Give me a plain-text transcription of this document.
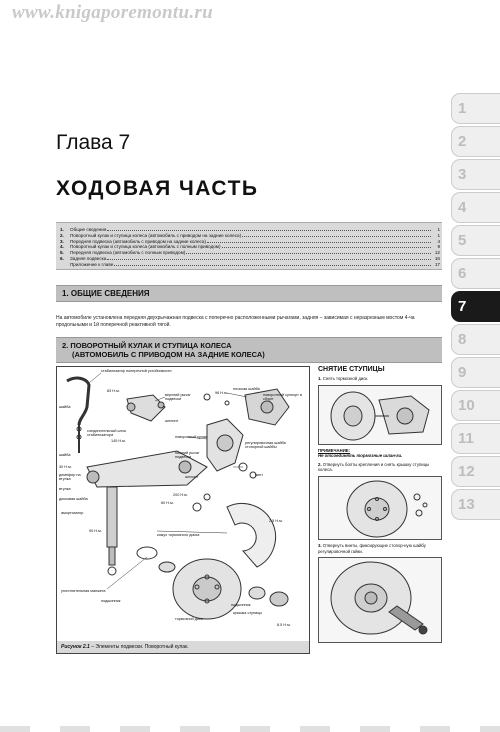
www.knigaporemontu.ru
Глава 7
ХОДОВАЯ ЧАСТЬ
1.	Общие сведения	1
2.	Поворотный кулак и ступица колеса (автомобиль с приводом на задние колеса)	1
3.	Передняя подвеска (автомобиль с приводом на задние колеса)	4
4.	Поворотный кулак и ступица колеса (автомобиль с полным приводом)	9
5.	Передняя подвеска (автомобиль с полным приводом)	12
6.	Задняя подвеска	16
Приложение к главе	17
1. ОБЩИЕ СВЕДЕНИЯ
На автомобиле установлена передняя двухрычажная подвеска с поперечно расположенными рычагами, задняя – зависимая с неразрезным мостом 4-ча продольными и 1й поперечной реактивной тягой.
2. ПОВОРОТНЫЙ КУЛАК И СТУПИЦА КОЛЕСА
(АВТОМОБИЛЬ С ПРИВОДОМ НА ЗАДНИЕ КОЛЕСА)
стабилизатор поперечной устойчивости
83 Н.м.
верхний рычаг подвески
плоская шайба
поворотный суппорт в сборе
96 Н.м.
шплинт
шайба
соединительный шток стабилизатора
145 Н.м.
поворотный кулак
регулировочная шайба стопорной шайбы
нижний рычаг подвески
шайба
30 Н.м.
демпфер на втулка
втулка
дисковая шайба
шплинт	винт
200 Н.м.
60 Н.м.
амортизатор
2.5 Н.м.
90 Н.м.
кожух тормозного диска
уплотнительная манжета
подшипник
тормозной диск
подшипник
крышка ступицы
8.5 Н.м.
Рисунок 2.1 – Элементы подвески. Поворотный кулак.
СНЯТИЕ СТУПИЦЫ
1. Снять тормозной диск.
ПРИМЕЧАНИЕ:
Не отсоединять тормозные шлан-ги.
2. Отвернуть болты крепления и снять крышку ступицы колеса.
3. Отвернуть винты, фиксирующие стопор-ную шайбу регулировочной гайки.
1
2
3
4
5
6
7
8
9
10
11
12
13
